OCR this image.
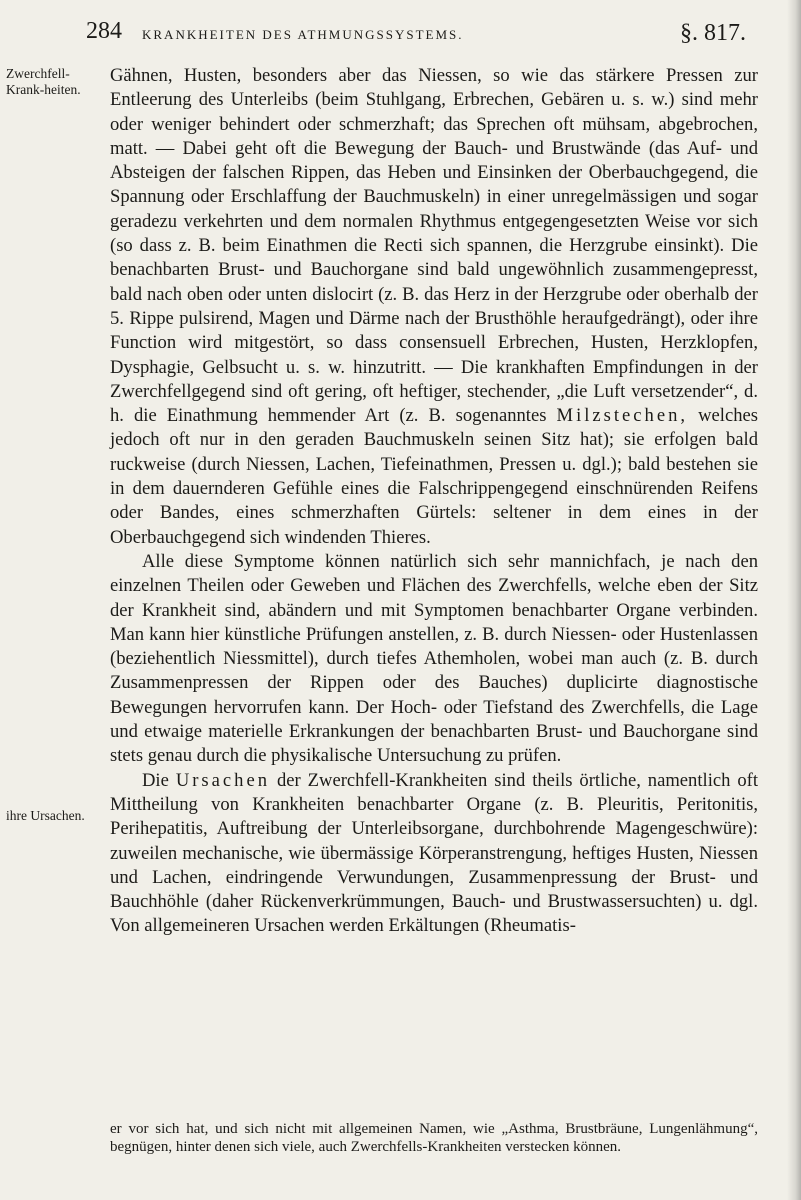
284 KRANKHEITEN DES ATHMUNGSSYSTEMS.	§. 817.
Zwerchfell-Krank-heiten.
ihre Ursachen.

Gähnen, Husten, besonders aber das Niessen, so wie das stärkere Pressen zur Entleerung des Unterleibs (beim Stuhlgang, Erbrechen, Gebären u. s. w.) sind mehr oder weniger behindert oder schmerzhaft; das Sprechen oft mühsam, abgebrochen, matt. — Dabei geht oft die Bewegung der Bauch- und Brustwände (das Auf- und Absteigen der falschen Rippen, das Heben und Einsinken der Oberbauchgegend, die Spannung oder Erschlaffung der Bauchmuskeln) in einer unregelmässigen und sogar geradezu verkehrten und dem normalen Rhythmus entgegengesetzten Weise vor sich (so dass z. B. beim Einathmen die Recti sich spannen, die Herzgrube einsinkt). Die benachbarten Brust- und Bauchorgane sind bald ungewöhnlich zusammengepresst, bald nach oben oder unten dislocirt (z. B. das Herz in der Herzgrube oder oberhalb der 5. Rippe pulsirend, Magen und Därme nach der Brusthöhle heraufgedrängt), oder ihre Function wird mitgestört, so dass consensuell Erbrechen, Husten, Herzklopfen, Dysphagie, Gelbsucht u. s. w. hinzutritt. — Die krankhaften Empfindungen in der Zwerchfellgegend sind oft gering, oft heftiger, stechender, „die Luft versetzender“, d. h. die Einathmung hemmender Art (z. B. sogenanntes Milzstechen, welches jedoch oft nur in den geraden Bauchmuskeln seinen Sitz hat); sie erfolgen bald ruckweise (durch Niessen, Lachen, Tiefeinathmen, Pressen u. dgl.); bald bestehen sie in dem dauernderen Gefühle eines die Falschrippengegend einschnürenden Reifens oder Bandes, eines schmerzhaften Gürtels: seltener in dem eines in der Oberbauchgegend sich windenden Thieres.

Alle diese Symptome können natürlich sich sehr mannichfach, je nach den einzelnen Theilen oder Geweben und Flächen des Zwerchfells, welche eben der Sitz der Krankheit sind, abändern und mit Symptomen benachbarter Organe verbinden. Man kann hier künstliche Prüfungen anstellen, z. B. durch Niessen- oder Hustenlassen (beziehentlich Niessmittel), durch tiefes Athemholen, wobei man auch (z. B. durch Zusammenpressen der Rippen oder des Bauches) duplicirte diagnostische Bewegungen hervorrufen kann. Der Hoch- oder Tiefstand des Zwerchfells, die Lage und etwaige materielle Erkrankungen der benachbarten Brust- und Bauchorgane sind stets genau durch die physikalische Untersuchung zu prüfen.

Die Ursachen der Zwerchfell-Krankheiten sind theils örtliche, namentlich oft Mittheilung von Krankheiten benachbarter Organe (z. B. Pleuritis, Peritonitis, Perihepatitis, Auftreibung der Unterleibsorgane, durchbohrende Magengeschwüre): zuweilen mechanische, wie übermässige Körperanstrengung, heftiges Husten, Niessen und Lachen, eindringende Verwundungen, Zusammenpressung der Brust- und Bauchhöhle (daher Rückenverkrümmungen, Bauch- und Brustwassersuchten) u. dgl. Von allgemeineren Ursachen werden Erkältungen (Rheumatis-

er vor sich hat, und sich nicht mit allgemeinen Namen, wie „Asthma, Brustbräune, Lungenlähmung“, begnügen, hinter denen sich viele, auch Zwerchfells-Krankheiten verstecken können.
